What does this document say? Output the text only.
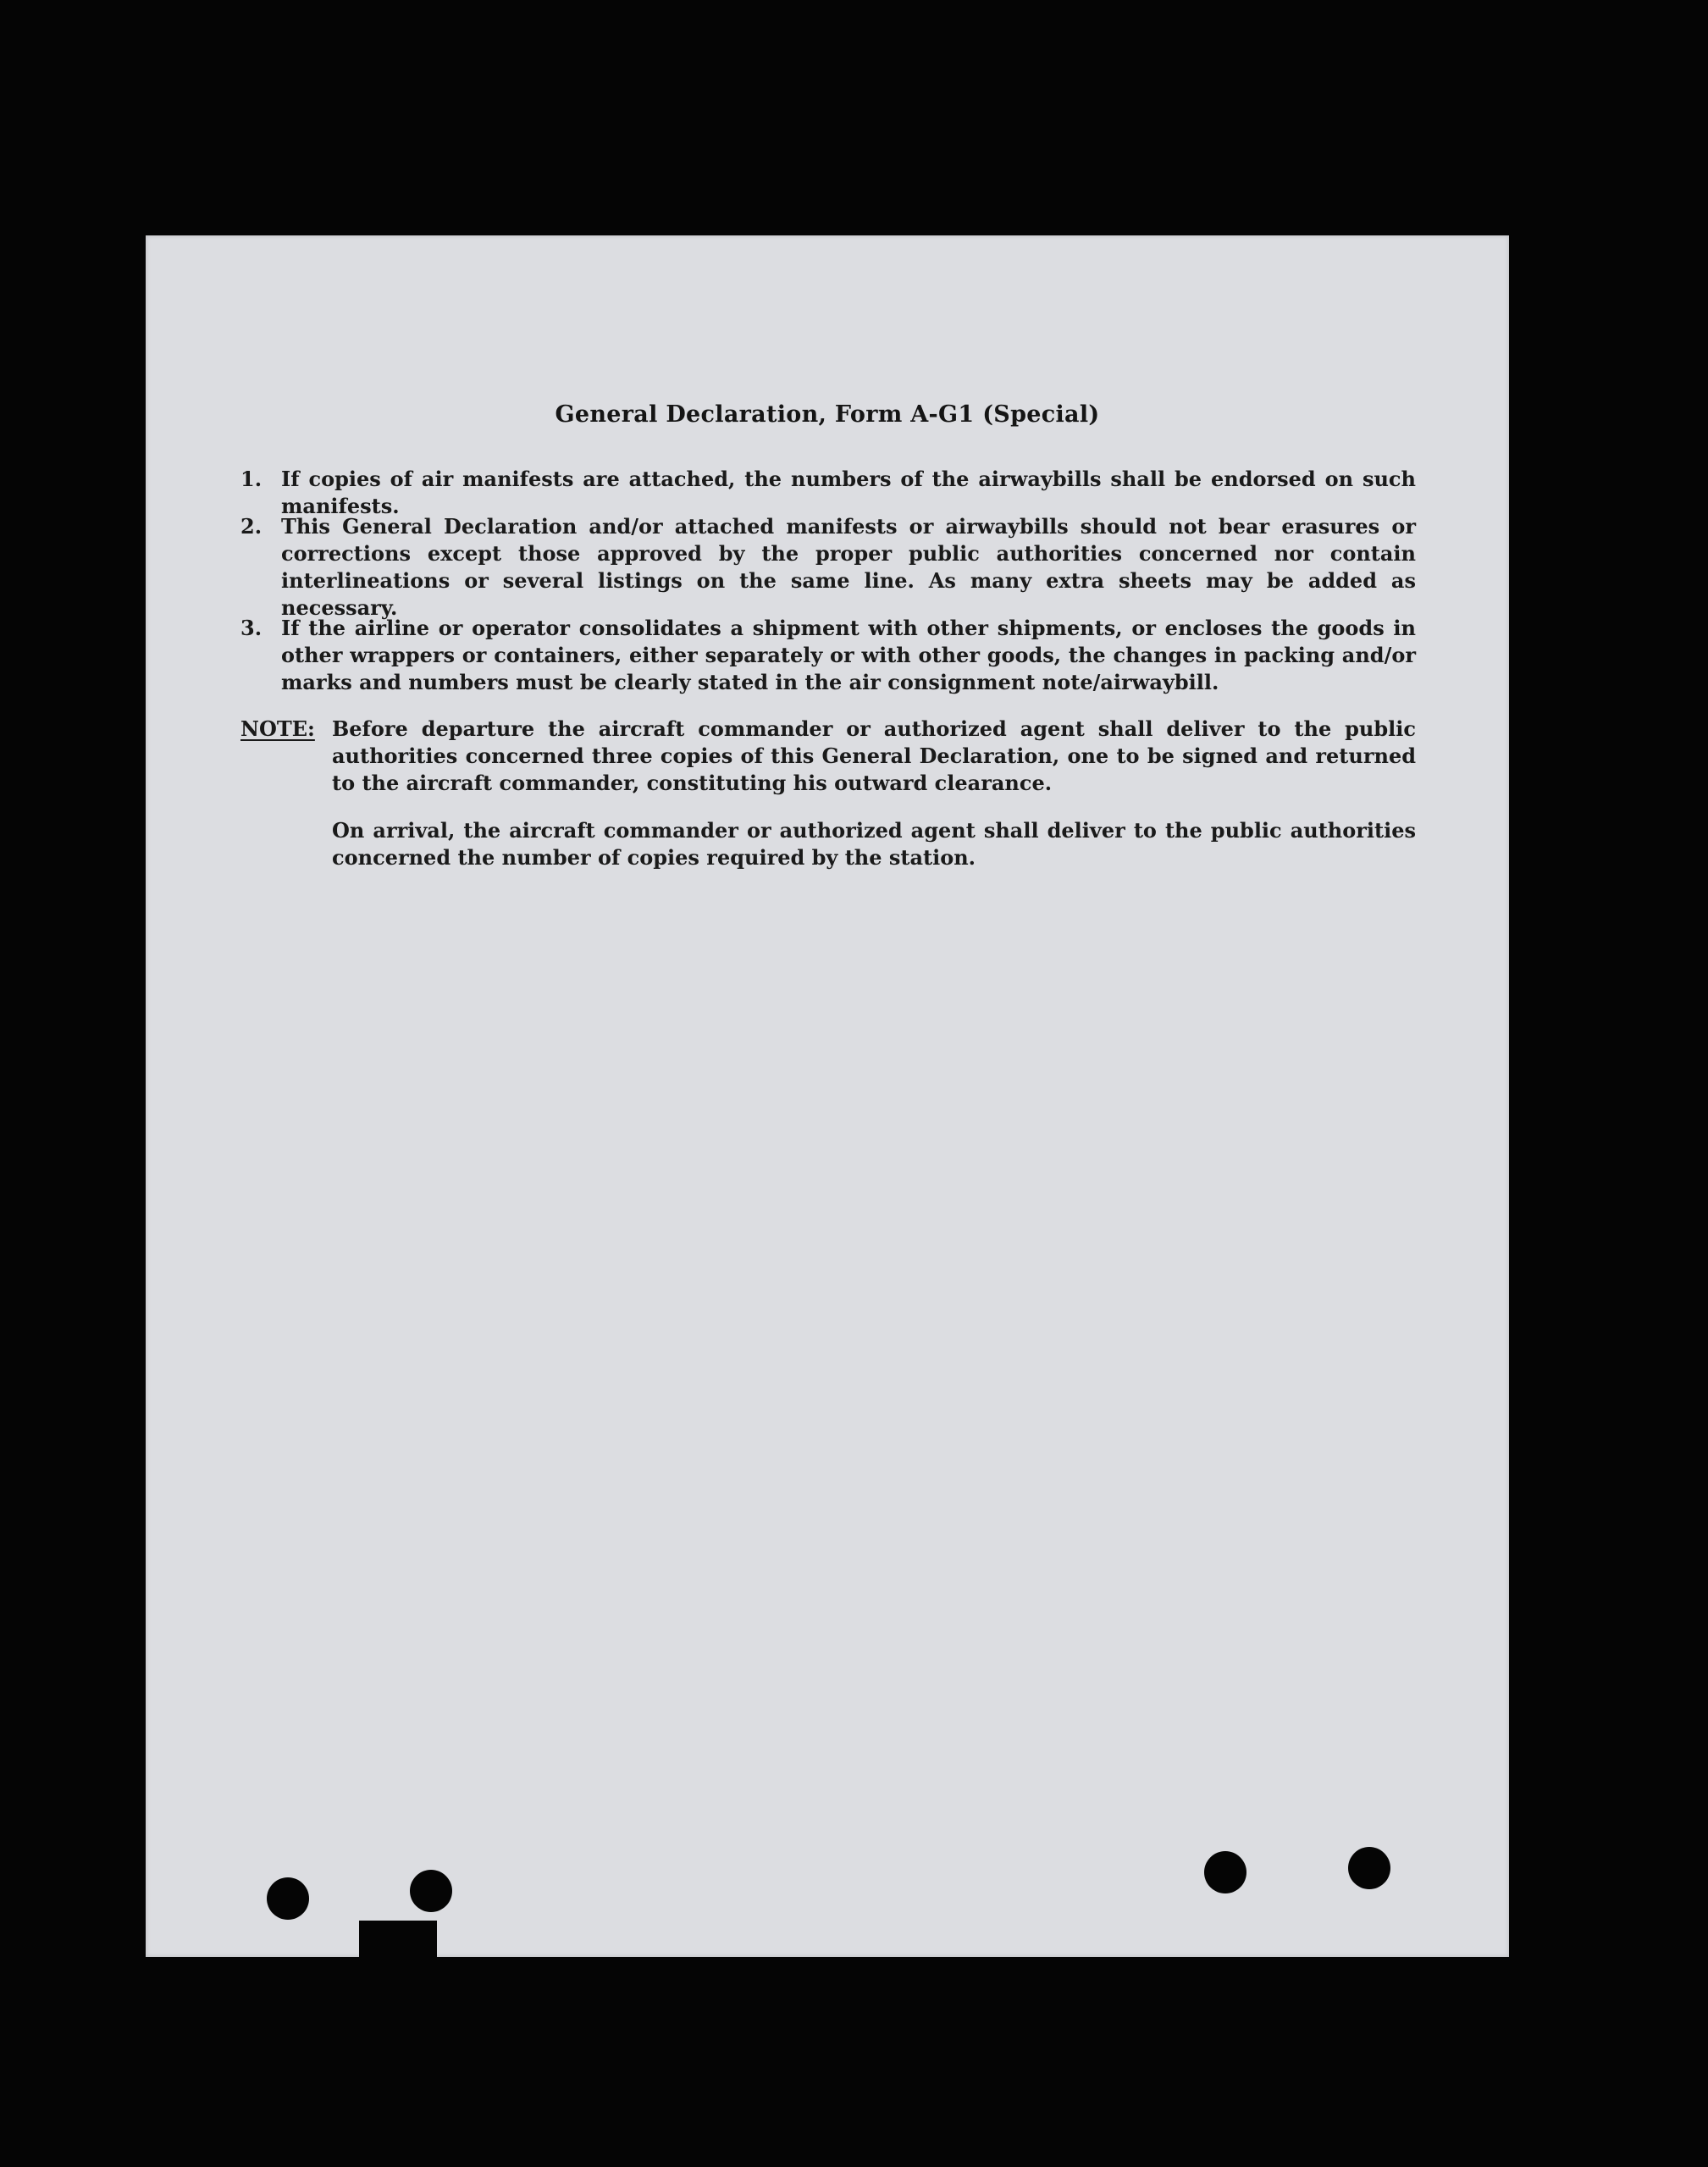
General Declaration, Form A-G1 (Special)
1. If copies of air manifests are attached, the numbers of the airwaybills shall be endorsed on such manifests.
2. This General Declaration and/or attached manifests or airwaybills should not bear erasures or corrections except those approved by the proper public authorities concerned nor contain interlineations or several listings on the same line. As many extra sheets may be added as necessary.
3. If the airline or operator consolidates a shipment with other shipments, or encloses the goods in other wrappers or containers, either separately or with other goods, the changes in packing and/or marks and numbers must be clearly stated in the air consignment note/airwaybill.
NOTE: Before departure the aircraft commander or authorized agent shall deliver to the public authorities concerned three copies of this General Declaration, one to be signed and returned to the aircraft commander, constituting his outward clearance.
On arrival, the aircraft commander or authorized agent shall deliver to the public authorities concerned the number of copies required by the station.
